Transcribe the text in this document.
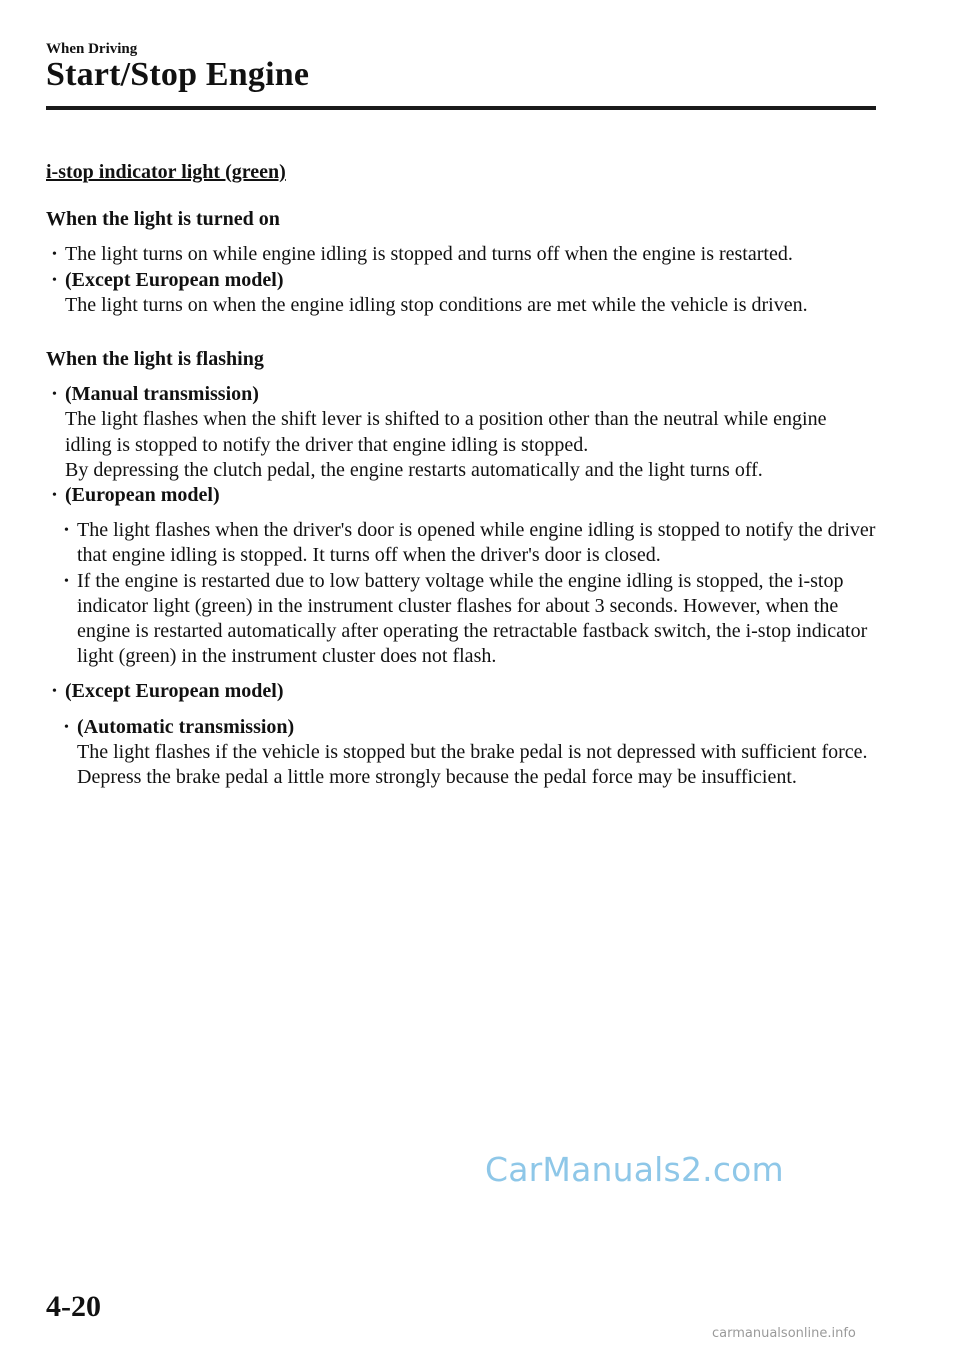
When Driving
Start/Stop Engine
i-stop indicator light (green)
When the light is turned on
• The light turns on while engine idling is stopped and turns off when the engine is restarted.
• (Except European model)
The light turns on when the engine idling stop conditions are met while the vehicle is driven.
When the light is flashing
• (Manual transmission)
The light flashes when the shift lever is shifted to a position other than the neutral while engine idling is stopped to notify the driver that engine idling is stopped.
By depressing the clutch pedal, the engine restarts automatically and the light turns off.
• (European model)
• The light flashes when the driver's door is opened while engine idling is stopped to notify the driver that engine idling is stopped. It turns off when the driver's door is closed.
• If the engine is restarted due to low battery voltage while the engine idling is stopped, the i-stop indicator light (green) in the instrument cluster flashes for about 3 seconds. However, when the engine is restarted automatically after operating the retractable fastback switch, the i-stop indicator light (green) in the instrument cluster does not flash.
• (Except European model)
• (Automatic transmission)
The light flashes if the vehicle is stopped but the brake pedal is not depressed with sufficient force. Depress the brake pedal a little more strongly because the pedal force may be insufficient.
CarManuals2.com
4-20
carmanualsonline.info
